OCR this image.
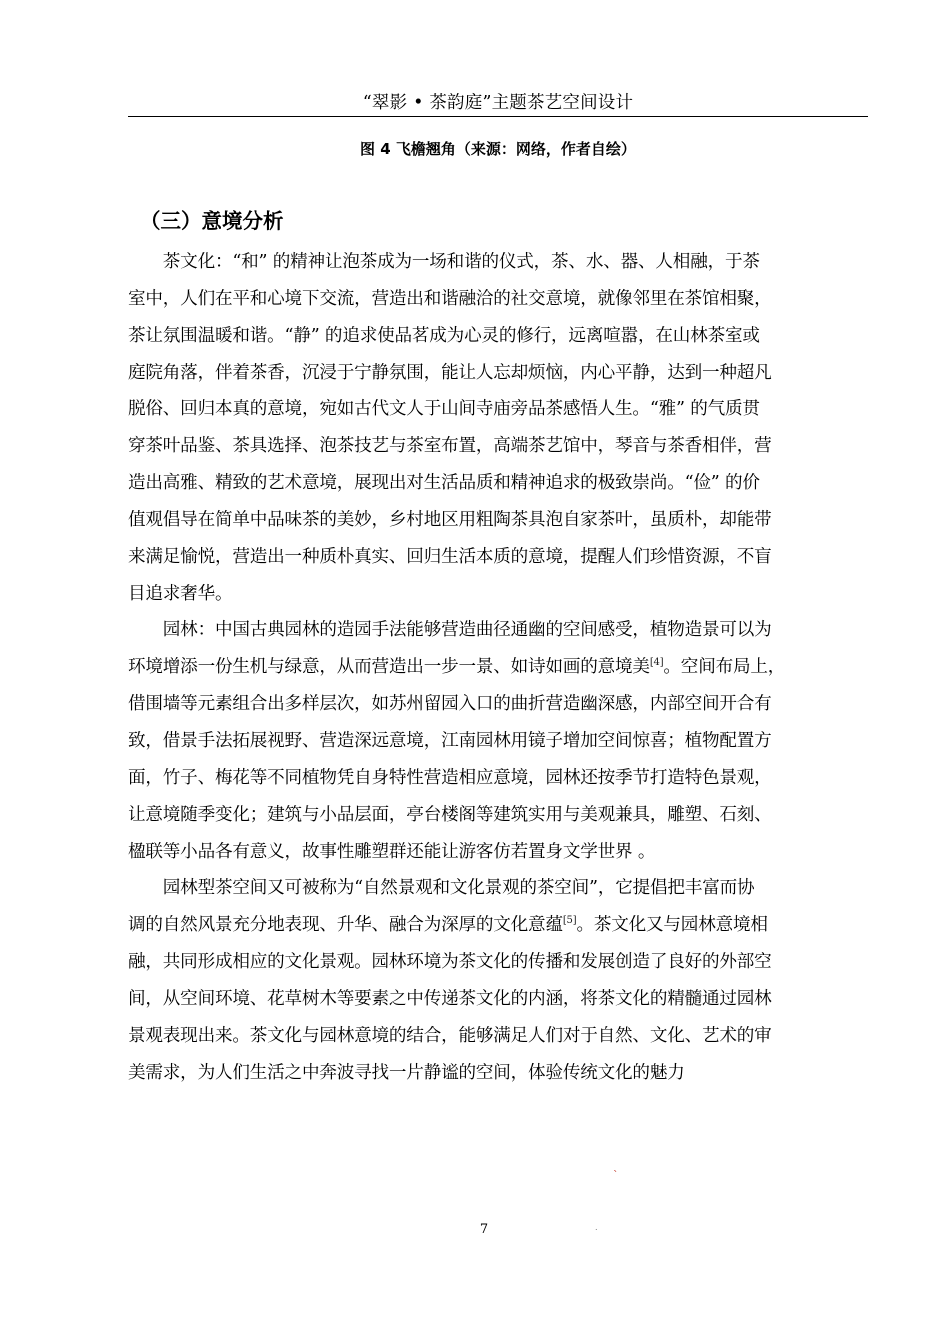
“翠影 • 茶韵庭”主题茶艺空间设计
图 4 飞檐翘角（来源：网络，作者自绘）
（三）意境分析
　　茶文化：“和” 的精神让泡茶成为一场和谐的仪式，茶、水、器、人相融，于茶
室中，人们在平和心境下交流，营造出和谐融洽的社交意境，就像邻里在茶馆相聚，
茶让氛围温暖和谐。“静” 的追求使品茗成为心灵的修行，远离喧嚣，在山林茶室或
庭院角落，伴着茶香，沉浸于宁静氛围，能让人忘却烦恼，内心平静，达到一种超凡
脱俗、回归本真的意境，宛如古代文人于山间寺庙旁品茶感悟人生。“雅” 的气质贯
穿茶叶品鉴、茶具选择、泡茶技艺与茶室布置，高端茶艺馆中，琴音与茶香相伴，营
造出高雅、精致的艺术意境，展现出对生活品质和精神追求的极致崇尚。“俭” 的价
值观倡导在简单中品味茶的美妙，乡村地区用粗陶茶具泡自家茶叶，虽质朴，却能带
来满足愉悦，营造出一种质朴真实、回归生活本质的意境，提醒人们珍惜资源，不盲
目追求奢华。
　　园林：中国古典园林的造园手法能够营造曲径通幽的空间感受，植物造景可以为
环境增添一份生机与绿意，从而营造出一步一景、如诗如画的意境美[4]。空间布局上，
借围墙等元素组合出多样层次，如苏州留园入口的曲折营造幽深感，内部空间开合有
致，借景手法拓展视野、营造深远意境，江南园林用镜子增加空间惊喜；植物配置方
面，竹子、梅花等不同植物凭自身特性营造相应意境，园林还按季节打造特色景观，
让意境随季变化；建筑与小品层面，亭台楼阁等建筑实用与美观兼具，雕塑、石刻、
楹联等小品各有意义，故事性雕塑群还能让游客仿若置身文学世界 。
　　园林型茶空间又可被称为“自然景观和文化景观的茶空间”，它提倡把丰富而协
调的自然风景充分地表现、升华、融合为深厚的文化意蕴[5]。茶文化又与园林意境相
融，共同形成相应的文化景观。园林环境为茶文化的传播和发展创造了良好的外部空
间，从空间环境、花草树木等要素之中传递茶文化的内涵，将茶文化的精髓通过园林
景观表现出来。茶文化与园林意境的结合，能够满足人们对于自然、文化、艺术的审
美需求，为人们生活之中奔波寻找一片静谧的空间，体验传统文化的魅力
`
7	.
